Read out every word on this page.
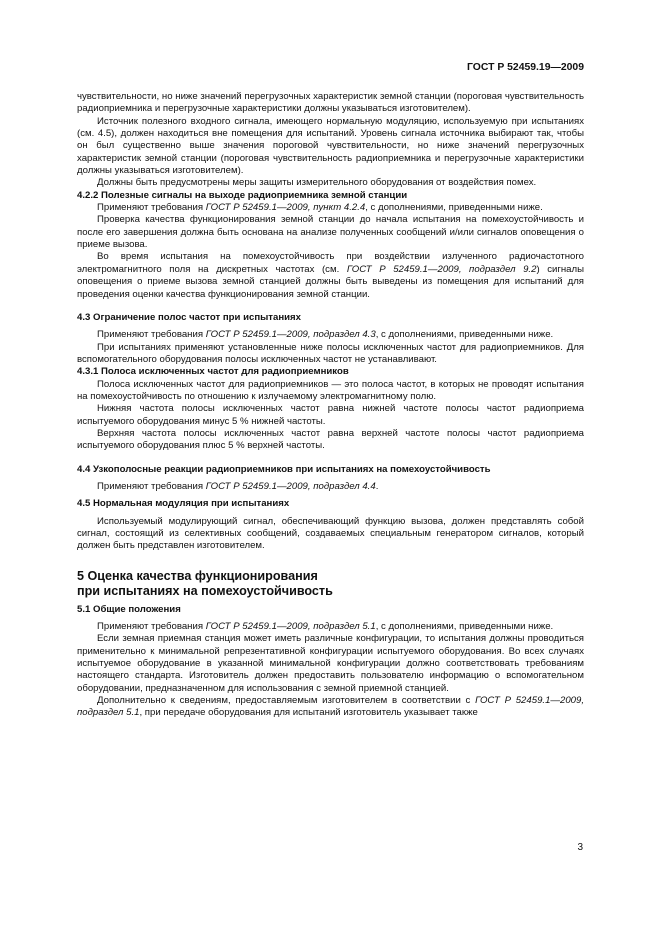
ГОСТ Р 52459.19—2009

чувствительности, но ниже значений перегрузочных характеристик земной станции (пороговая чувствительность радиоприемника и перегрузочные характеристики должны указываться изготовителем).

Источник полезного входного сигнала, имеющего нормальную модуляцию, используемую при испытаниях (см. 4.5), должен находиться вне помещения для испытаний. Уровень сигнала источника выбирают так, чтобы он был существенно выше значения пороговой чувствительности, но ниже значений перегрузочных характеристик земной станции (пороговая чувствительность радиоприемника и перегрузочные характеристики должны указываться изготовителем).

Должны быть предусмотрены меры защиты измерительного оборудования от воздействия помех.

4.2.2 Полезные сигналы на выходе радиоприемника земной станции

Применяют требования ГОСТ Р 52459.1—2009, пункт 4.2.4, с дополнениями, приведенными ниже.

Проверка качества функционирования земной станции до начала испытания на помехоустойчивость и после его завершения должна быть основана на анализе полученных сообщений и/или сигналов оповещения о приеме вызова.

Во время испытания на помехоустойчивость при воздействии излученного радиочастотного электромагнитного поля на дискретных частотах (см. ГОСТ Р 52459.1—2009, подраздел 9.2) сигналы оповещения о приеме вызова земной станцией должны быть выведены из помещения для испытаний для проведения оценки качества функционирования земной станции.

4.3 Ограничение полос частот при испытаниях

Применяют требования ГОСТ Р 52459.1—2009, подраздел 4.3, с дополнениями, приведенными ниже.

При испытаниях применяют установленные ниже полосы исключенных частот для радиоприемников. Для вспомогательного оборудования полосы исключенных частот не устанавливают.

4.3.1 Полоса исключенных частот для радиоприемников

Полоса исключенных частот для радиоприемников — это полоса частот, в которых не проводят испытания на помехоустойчивость по отношению к излучаемому электромагнитному полю.

Нижняя частота полосы исключенных частот равна нижней частоте полосы частот радиоприема испытуемого оборудования минус 5 % нижней частоты.

Верхняя частота полосы исключенных частот равна верхней частоте полосы частот радиоприема испытуемого оборудования плюс 5 % верхней частоты.

4.4 Узкополосные реакции радиоприемников при испытаниях на помехоустойчивость

Применяют требования ГОСТ Р 52459.1—2009, подраздел 4.4.

4.5 Нормальная модуляция при испытаниях

Используемый модулирующий сигнал, обеспечивающий функцию вызова, должен представлять собой сигнал, состоящий из селективных сообщений, создаваемых специальным генератором сигналов, который должен быть представлен изготовителем.

5 Оценка качества функционирования

при испытаниях на помехоустойчивость

5.1 Общие положения

Применяют требования ГОСТ Р 52459.1—2009, подраздел 5.1, с дополнениями, приведенными ниже.

Если земная приемная станция может иметь различные конфигурации, то испытания должны проводиться применительно к минимальной репрезентативной конфигурации испытуемого оборудования. Во всех случаях испытуемое оборудование в указанной минимальной конфигурации должно соответствовать требованиям настоящего стандарта. Изготовитель должен предоставить пользователю информацию о вспомогательном оборудовании, предназначенном для использования с земной приемной станцией.

Дополнительно к сведениям, предоставляемым изготовителем в соответствии с ГОСТ Р 52459.1—2009, подраздел 5.1, при передаче оборудования для испытаний изготовитель указывает также

3
